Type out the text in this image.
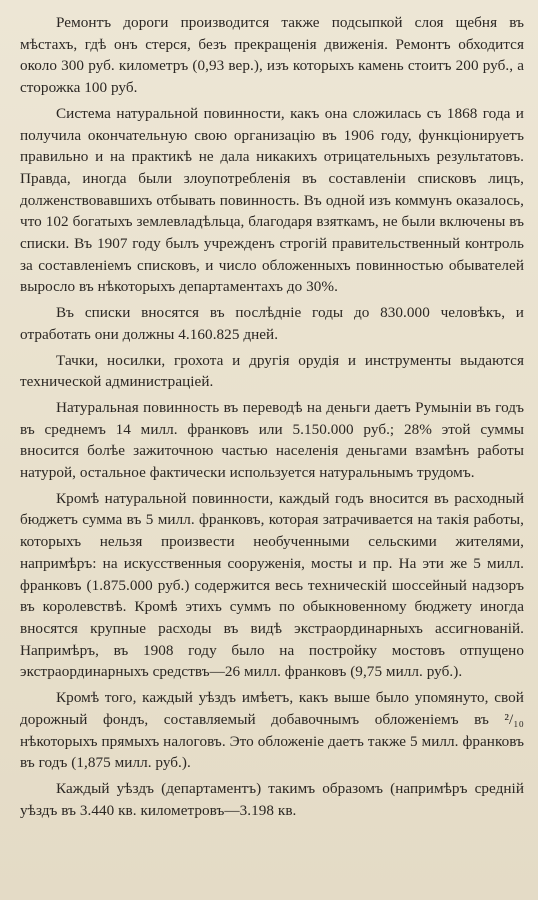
Ремонтъ дороги производится также подсыпкой слоя щебня въ мѣстахъ, гдѣ онъ стерся, безъ прекращенія движенія. Ремонтъ обходится около 300 руб. километръ (0,93 вер.), изъ которыхъ камень стоитъ 200 руб., а сторожка 100 руб.

Система натуральной повинности, какъ она сложилась съ 1868 года и получила окончательную свою организацію въ 1906 году, функціонируетъ правильно и на практикѣ не дала никакихъ отрицательныхъ результатовъ. Правда, иногда были злоупотребленія въ составленіи списковъ лицъ, долженствовавшихъ отбывать повинность. Въ одной изъ коммунъ оказалось, что 102 богатыхъ землевладѣльца, благодаря взяткамъ, не были включены въ списки. Въ 1907 году былъ учрежденъ строгій правительственный контроль за составленіемъ списковъ, и число обложенныхъ повинностью обывателей выросло въ нѣкоторыхъ департаментахъ до 30%.

Въ списки вносятся въ послѣдніе годы до 830.000 человѣкъ, и отработать они должны 4.160.825 дней.

Тачки, носилки, грохота и другія орудія и инструменты выдаются технической администраціей.

Натуральная повинность въ переводѣ на деньги даетъ Румыніи въ годъ въ среднемъ 14 милл. франковъ или 5.150.000 руб.; 28% этой суммы вносится болѣе зажиточною частью населенія деньгами взамѣнъ работы натурой, остальное фактически используется натуральнымъ трудомъ.

Кромѣ натуральной повинности, каждый годъ вносится въ расходный бюджетъ сумма въ 5 милл. франковъ, которая затрачивается на такія работы, которыхъ нельзя произвести необученными сельскими жителями, напримѣръ: на искусственныя сооруженія, мосты и пр. На эти же 5 милл. франковъ (1.875.000 руб.) содержится весь техническій шоссейный надзоръ въ королевствѣ. Кромѣ этихъ суммъ по обыкновенному бюджету иногда вносятся крупные расходы въ видѣ экстраординарныхъ ассигнованій. Напримѣръ, въ 1908 году было на постройку мостовъ отпущено экстраординарныхъ средствъ—26 милл. франковъ (9,75 милл. руб.).

Кромѣ того, каждый уѣздъ имѣетъ, какъ выше было упомянуто, свой дорожный фондъ, составляемый добавочнымъ обложеніемъ въ ²/₁₀ нѣкоторыхъ прямыхъ налоговъ. Это обложеніе даетъ также 5 милл. франковъ въ годъ (1,875 милл. руб.).

Каждый уѣздъ (департаментъ) такимъ образомъ (напримѣръ средній уѣздъ въ 3.440 кв. километровъ—3.198 кв.
